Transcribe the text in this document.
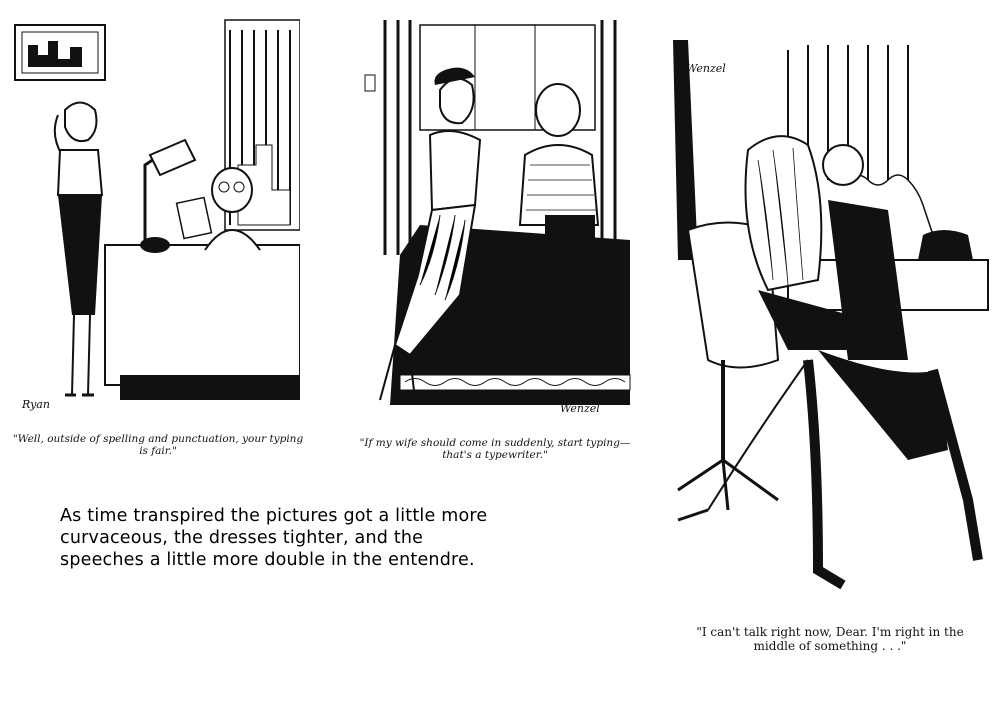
Ryan
"Well, outside of spelling and punctuation, your typing is fair."
Wenzel
"If my wife should come in suddenly, start typing—that's a typewriter."
Wenzel
"I can't talk right now, Dear. I'm right in the middle of something . . ."
As time transpired the pictures got a little more curvaceous, the dresses tighter, and the speeches a little more double in the entendre.
